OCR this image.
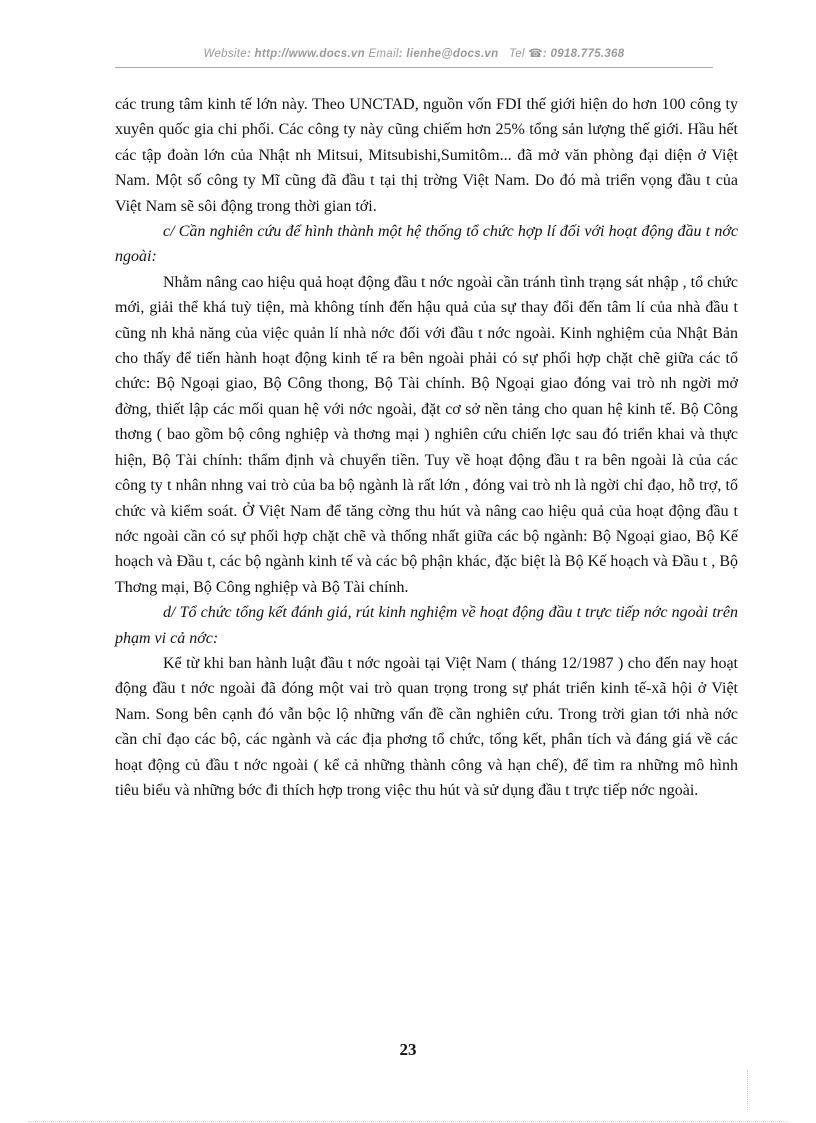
Website: http://www.docs.vn Email: lienhe@docs.vn Tel ☎: 0918.775.368

các trung tâm kinh tế lớn này. Theo UNCTAD, nguồn vốn FDI thế giới hiện do hơn 100 công ty xuyên quốc gia chi phối. Các công ty này cũng chiếm hơn 25% tổng sản lượng thế giới. Hầu hết các tập đoàn lớn của Nhật nh Mitsui, Mitsubishi,Sumitôm... đã mở văn phòng đại diện ở Việt Nam. Một số công ty Mĩ cũng đã đầu t tại thị trờng Việt Nam. Do đó mà triển vọng đầu t của Việt Nam sẽ sôi động trong thời gian tới.

c/ Cần nghiên cứu để hình thành một hệ thống tổ chức hợp lí đối với hoạt động đầu t nớc ngoài:

Nhằm nâng cao hiệu quả hoạt động đầu t nớc ngoài cần tránh tình trạng sát nhập , tổ chức mới, giải thể khá tuỳ tiện, mà không tính đến hậu quả của sự thay đổi đến tâm lí của nhà đầu t cũng nh khả năng của việc quản lí nhà nớc đối với đầu t nớc ngoài. Kinh nghiệm của Nhật Bản cho thấy để tiến hành hoạt động kinh tế ra bên ngoài phải có sự phối hợp chặt chẽ giữa các tổ chức: Bộ Ngoại giao, Bộ Công thong, Bộ Tài chính. Bộ Ngoại giao đóng vai trò nh ngời mở đờng, thiết lập các mối quan hệ với nớc ngoài, đặt cơ sở nền tảng cho quan hệ kinh tế. Bộ Công thơng ( bao gồm bộ công nghiệp và thơng mại ) nghiên cứu chiến lợc sau đó triển khai và thực hiện, Bộ Tài chính: thẩm định và chuyển tiền. Tuy về hoạt động đầu t ra bên ngoài là của các công ty t nhân nhng vai trò của ba bộ ngành là rất lớn , đóng vai trò nh là ngời chỉ đạo, hỗ trợ, tổ chức và kiểm soát. Ở Việt Nam để tăng cờng thu hút và nâng cao hiệu quả của hoạt động đầu t nớc ngoài cần có sự phối hợp chặt chẽ và thống nhất giữa các bộ ngành: Bộ Ngoại giao, Bộ Kế hoạch và Đầu t, các bộ ngành kinh tế và các bộ phận khác, đặc biệt là Bộ Kế hoạch và Đầu t , Bộ Thơng mại, Bộ Công nghiệp và Bộ Tài chính.

d/ Tổ chức tổng kết đánh giá, rút kinh nghiệm về hoạt động đầu t trực tiếp nớc ngoài trên phạm vi cả nớc:

Kể từ khi ban hành luật đầu t nớc ngoài tại Việt Nam ( tháng 12/1987 ) cho đến nay hoạt động đầu t nớc ngoài đã đóng một vai trò quan trọng trong sự phát triển kinh tế-xã hội ở Việt Nam. Song bên cạnh đó vẫn bộc lộ những vấn đề cần nghiên cứu. Trong trời gian tới nhà nớc cần chỉ đạo các bộ, các ngành và các địa phơng tổ chức, tổng kết, phân tích và đáng giá về các hoạt động củ đầu t nớc ngoài ( kể cả những thành công và hạn chế), để tìm ra những mô hình tiêu biểu và những bớc đi thích hợp trong việc thu hút và sử dụng đầu t trực tiếp nớc ngoài.

23
